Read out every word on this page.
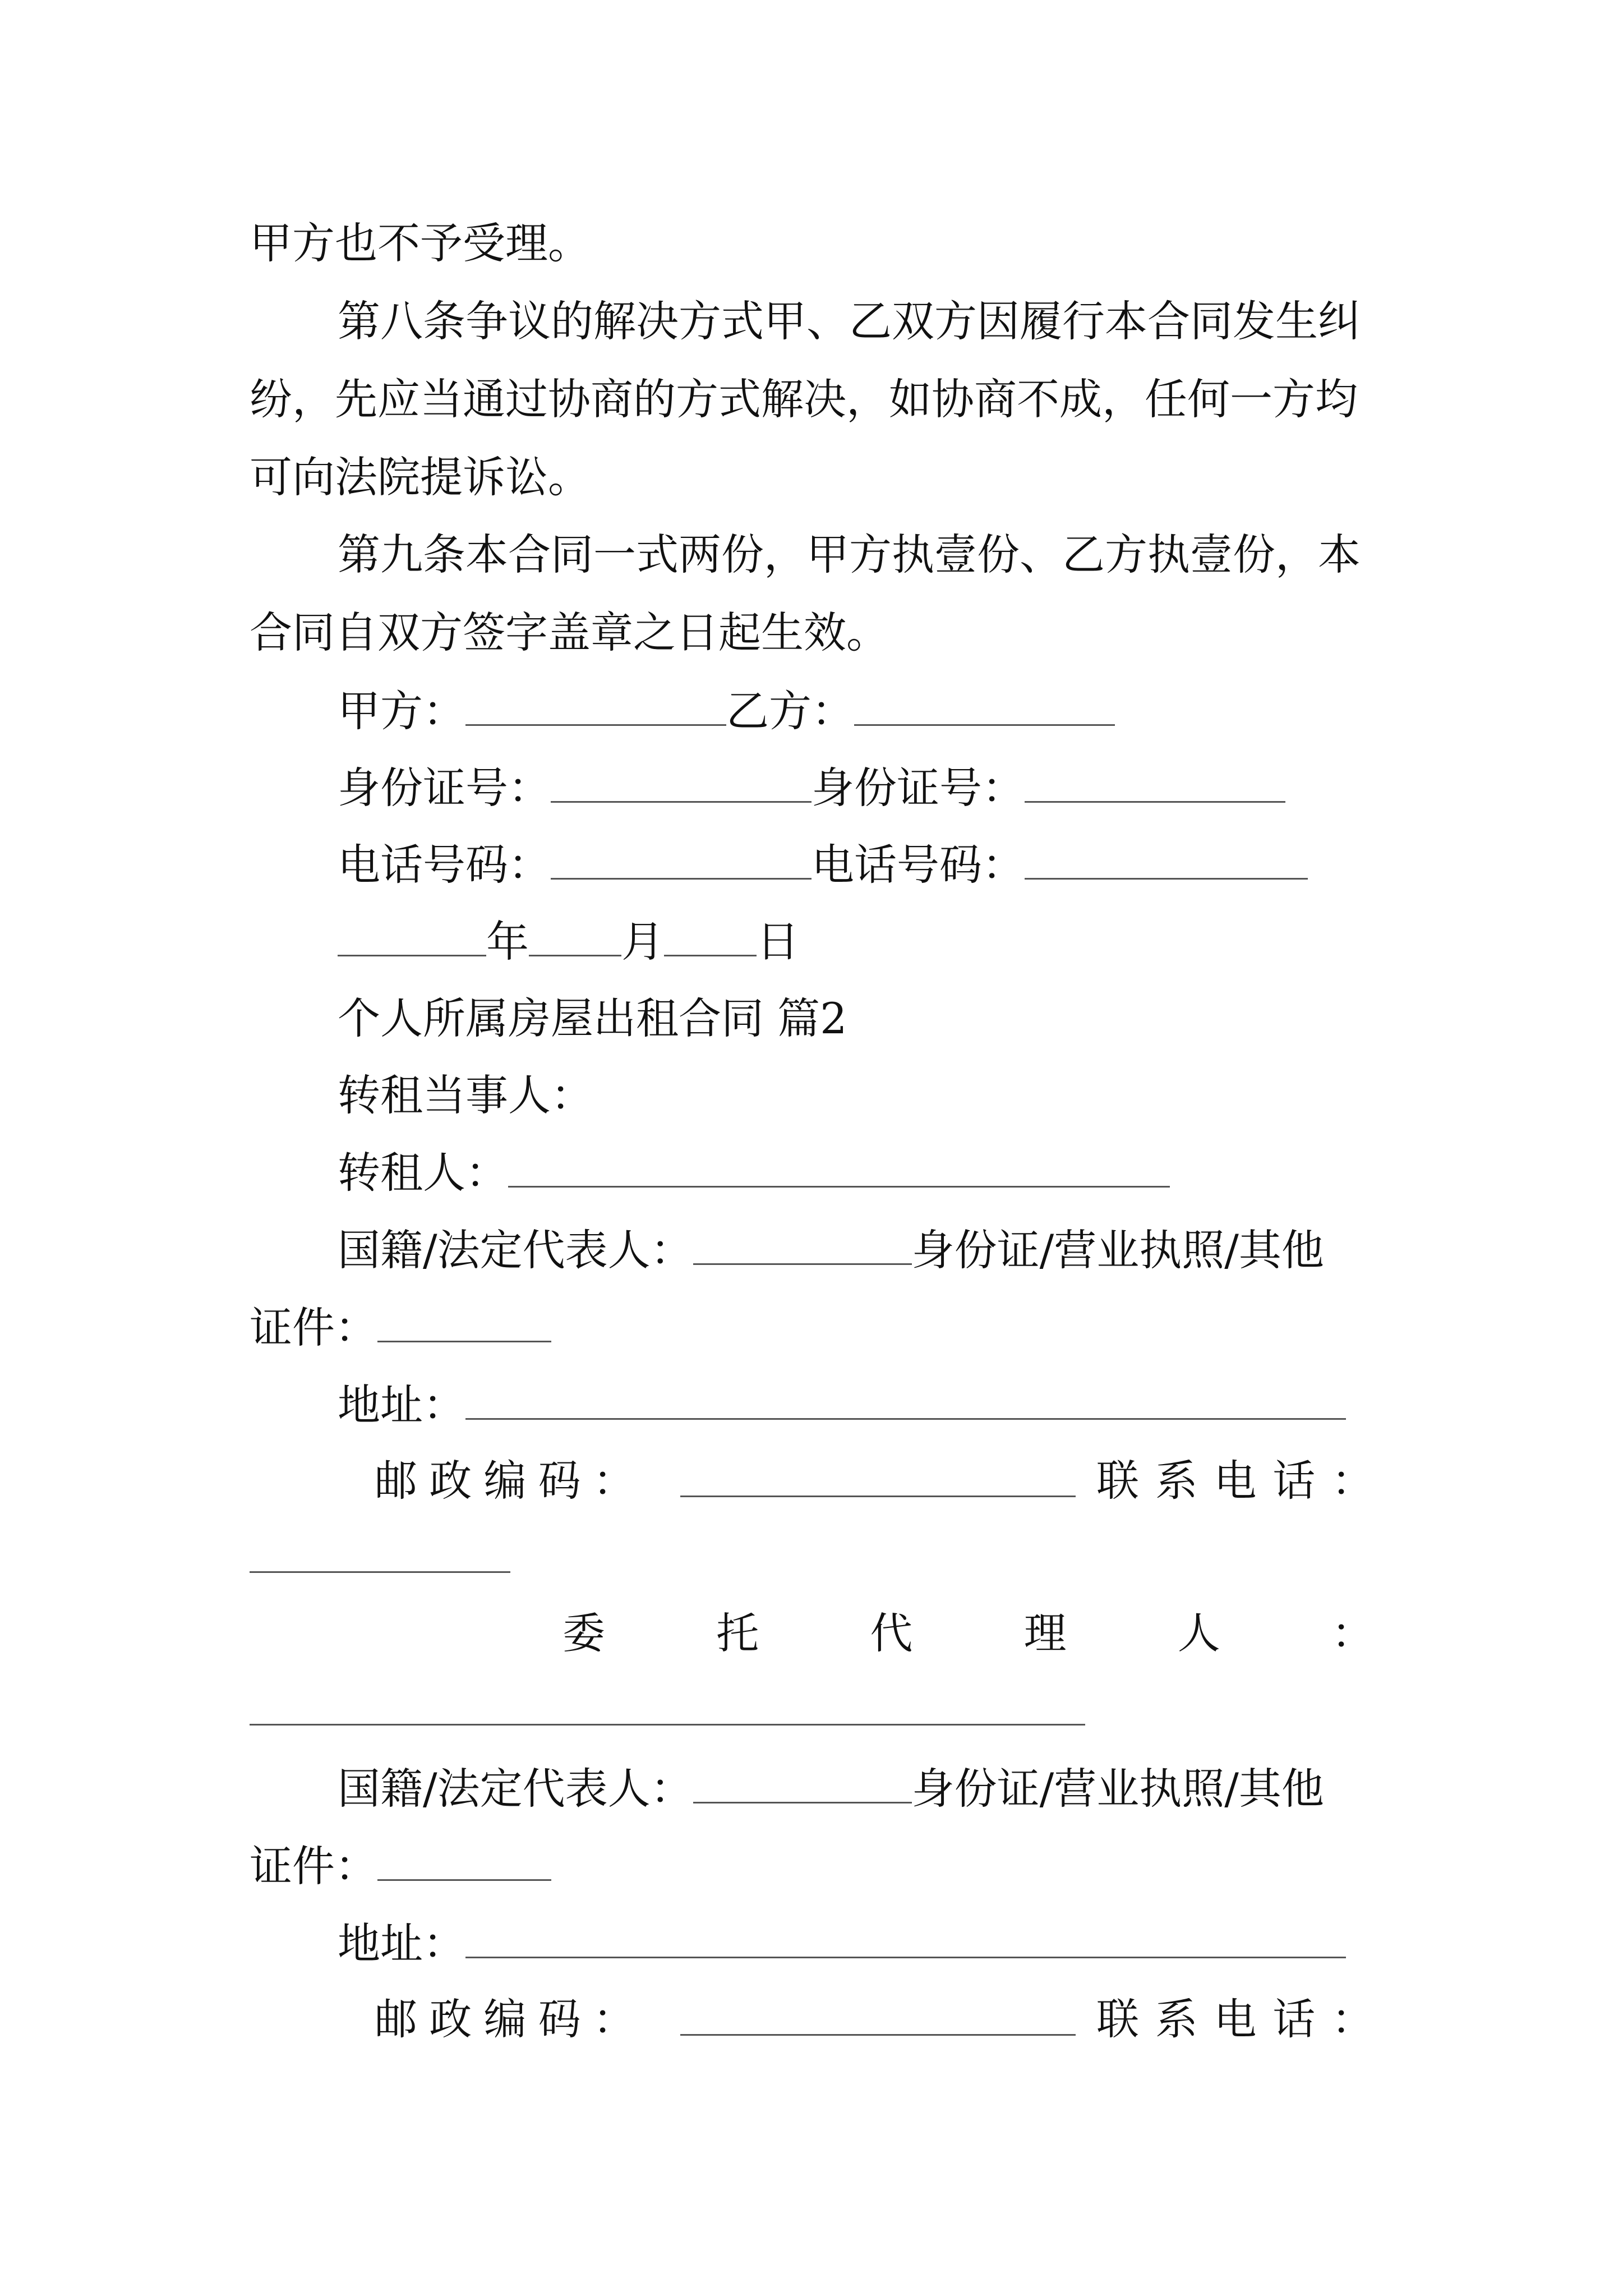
甲方也不予受理。
第八条争议的解决方式甲、乙双方因履行本合同发生纠
纷，先应当通过协商的方式解决，如协商不成，任何一方均
可向法院提诉讼。
第九条本合同一式两份，甲方执壹份、乙方执壹份，本
合同自双方签字盖章之日起生效。
甲方：	乙方：
身份证号：	身份证号：
电话号码：	电话号码：
年 月 日
个人所属房屋出租合同 篇2
转租当事人：
转租人：
国籍/法定代表人：	身份证/营业执照/其他
证件：
地址：
邮 政 编 码 ：	联 系 电 话 ：
委	托	代	理	人	：
国籍/法定代表人：	身份证/营业执照/其他
证件：
地址：
邮 政 编 码 ：	联 系 电 话 ：
